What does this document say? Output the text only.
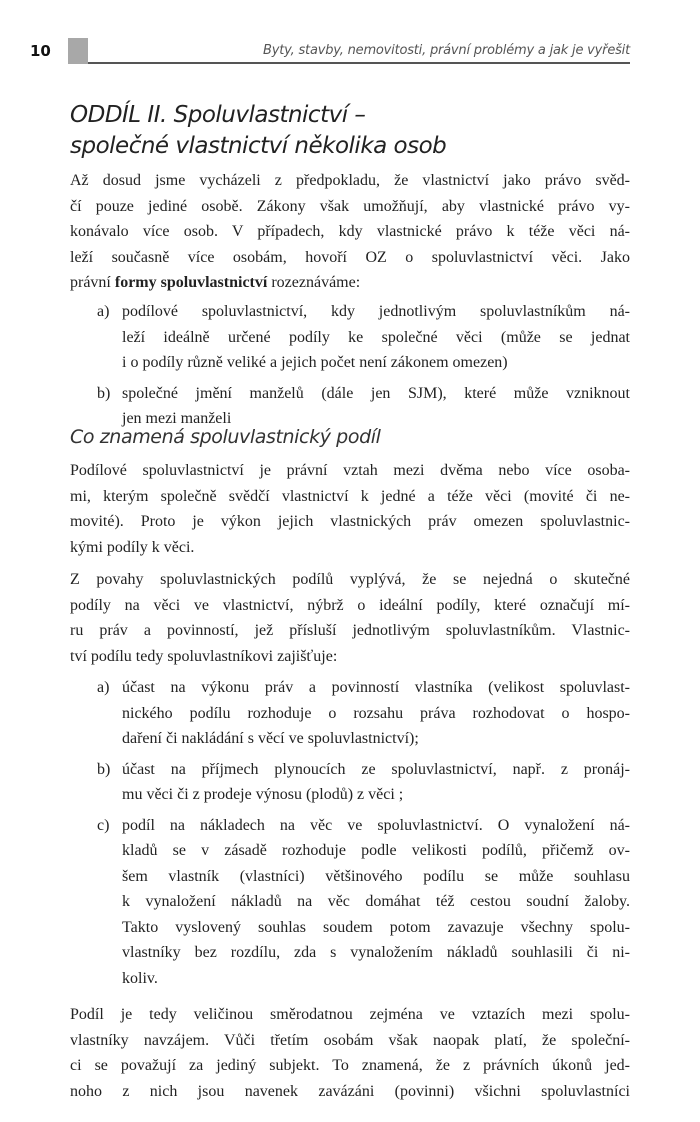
10	Byty, stavby, nemovitosti, právní problémy a jak je vyřešit
ODDÍL II. Spoluvlastnictví –
společné vlastnictví několika osob
Až dosud jsme vycházeli z předpokladu, že vlastnictví jako právo svěd-
čí pouze jediné osobě. Zákony však umožňují, aby vlastnické právo vy-
konávalo více osob. V případech, kdy vlastnické právo k téže věci ná-
leží současně více osobám, hovoří OZ o spoluvlastnictví věci. Jako
právní formy spoluvlastnictví rozeznáváme:
a) podílové spoluvlastnictví, kdy jednotlivým spoluvlastníkům ná-
leží ideálně určené podíly ke společné věci (může se jednat
i o podíly různě veliké a jejich počet není zákonem omezen)
b) společné jmění manželů (dále jen SJM), které může vzniknout
jen mezi manželi
Co znamená spoluvlastnický podíl
Podílové spoluvlastnictví je právní vztah mezi dvěma nebo více osoba-
mi, kterým společně svědčí vlastnictví k jedné a téže věci (movité či ne-
movité). Proto je výkon jejich vlastnických práv omezen spoluvlastnic-
kými podíly k věci.
Z povahy spoluvlastnických podílů vyplývá, že se nejedná o skutečné
podíly na věci ve vlastnictví, nýbrž o ideální podíly, které označují mí-
ru práv a povinností, jež přísluší jednotlivým spoluvlastníkům. Vlastnic-
tví podílu tedy spoluvlastníkovi zajišťuje:
a) účast na výkonu práv a povinností vlastníka (velikost spoluvlast-
nického podílu rozhoduje o rozsahu práva rozhodovat o hospo-
daření či nakládání s věcí ve spoluvlastnictví);
b) účast na příjmech plynoucích ze spoluvlastnictví, např. z pronáj-
mu věci či z prodeje výnosu (plodů) z věci ;
c) podíl na nákladech na věc ve spoluvlastnictví. O vynaložení ná-
kladů se v zásadě rozhoduje podle velikosti podílů, přičemž ov-
šem vlastník (vlastníci) většinového podílu se může souhlasu
k vynaložení nákladů na věc domáhat též cestou soudní žaloby.
Takto vyslovený souhlas soudem potom zavazuje všechny spolu-
vlastníky bez rozdílu, zda s vynaložením nákladů souhlasili či ni-
koliv.
Podíl je tedy veličinou směrodatnou zejména ve vztazích mezi spolu-
vlastníky navzájem. Vůči třetím osobám však naopak platí, že společní-
ci se považují za jediný subjekt. To znamená, že z právních úkonů jed-
noho z nich jsou navenek zavázáni (povinni) všichni spoluvlastníci
